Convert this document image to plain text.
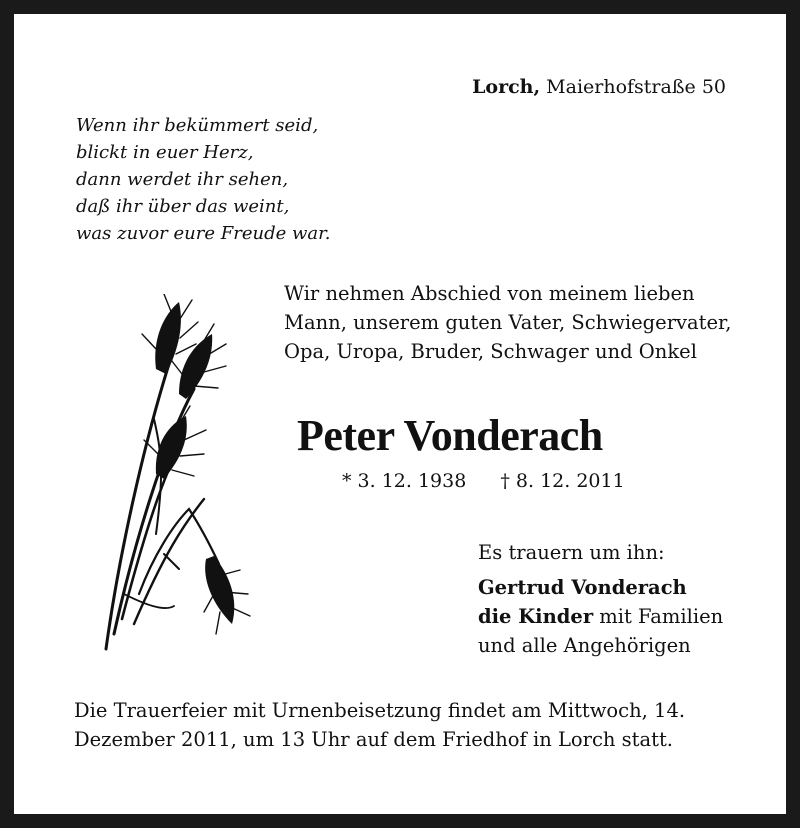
Lorch, Maierhofstraße 50
Wenn ihr bekümmert seid,
blickt in euer Herz,
dann werdet ihr sehen,
daß ihr über das weint,
was zuvor eure Freude war.

Wir nehmen Abschied von meinem lieben Mann, unserem guten Vater, Schwiegervater, Opa, Uropa, Bruder, Schwager und Onkel

Peter Vonderach
* 3. 12. 1938 † 8. 12. 2011
Es trauern um ihn:
Gertrud Vonderach
die Kinder mit Familien
und alle Angehörigen

Die Trauerfeier mit Urnenbeisetzung findet am Mittwoch, 14. Dezember 2011, um 13 Uhr auf dem Friedhof in Lorch statt.
